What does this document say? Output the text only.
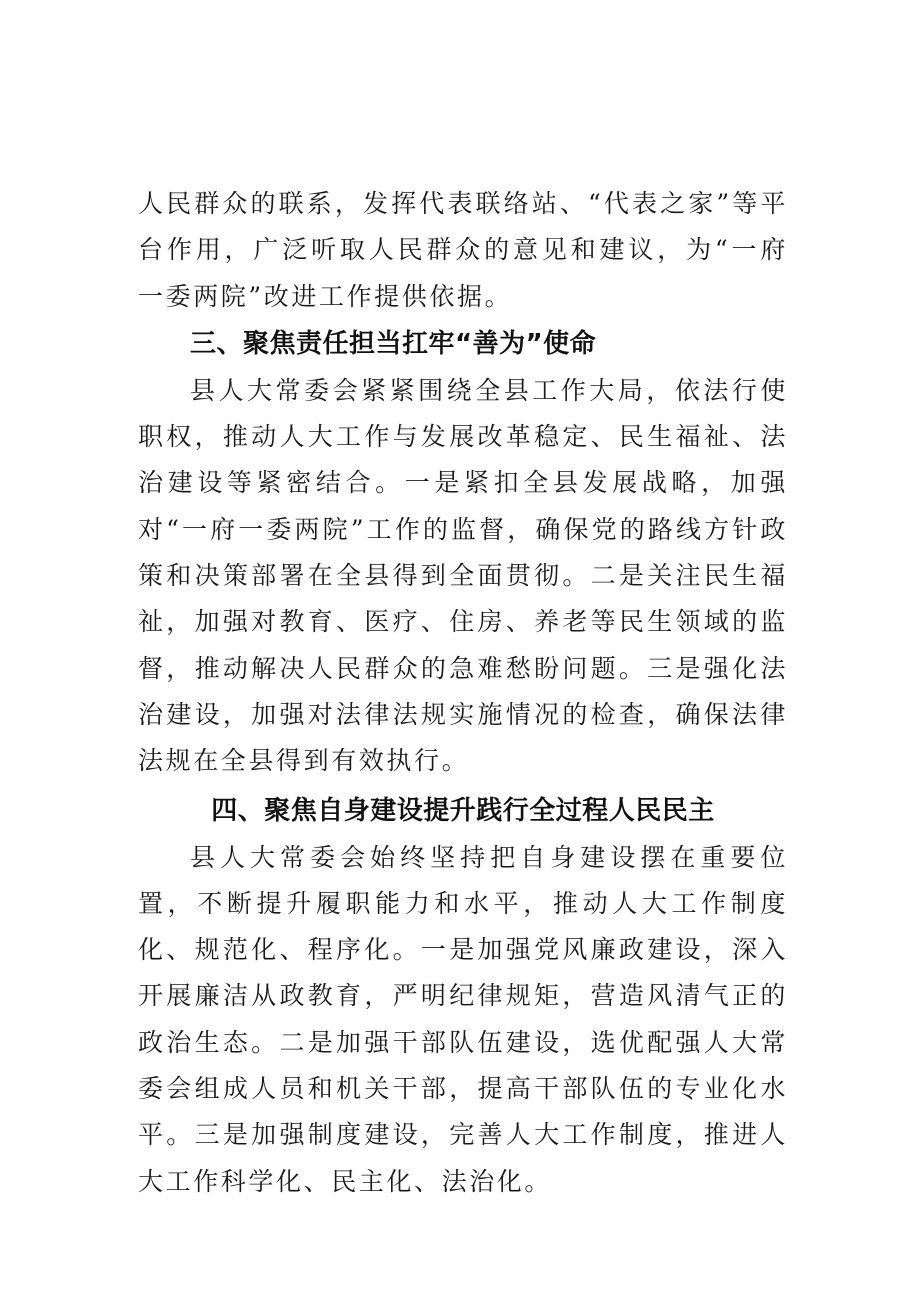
人民群众的联系，发挥代表联络站、“代表之家”等平台作用，广泛听取人民群众的意见和建议，为“一府一委两院”改进工作提供依据。

三、聚焦责任担当扛牢“善为”使命

县人大常委会紧紧围绕全县工作大局，依法行使职权，推动人大工作与发展改革稳定、民生福祉、法治建设等紧密结合。一是紧扣全县发展战略，加强对“一府一委两院”工作的监督，确保党的路线方针政策和决策部署在全县得到全面贯彻。二是关注民生福祉，加强对教育、医疗、住房、养老等民生领域的监督，推动解决人民群众的急难愁盼问题。三是强化法治建设，加强对法律法规实施情况的检查，确保法律法规在全县得到有效执行。

四、聚焦自身建设提升践行全过程人民民主

县人大常委会始终坚持把自身建设摆在重要位置，不断提升履职能力和水平，推动人大工作制度化、规范化、程序化。一是加强党风廉政建设，深入开展廉洁从政教育，严明纪律规矩，营造风清气正的政治生态。二是加强干部队伍建设，选优配强人大常委会组成人员和机关干部，提高干部队伍的专业化水平。三是加强制度建设，完善人大工作制度，推进人大工作科学化、民主化、法治化。
